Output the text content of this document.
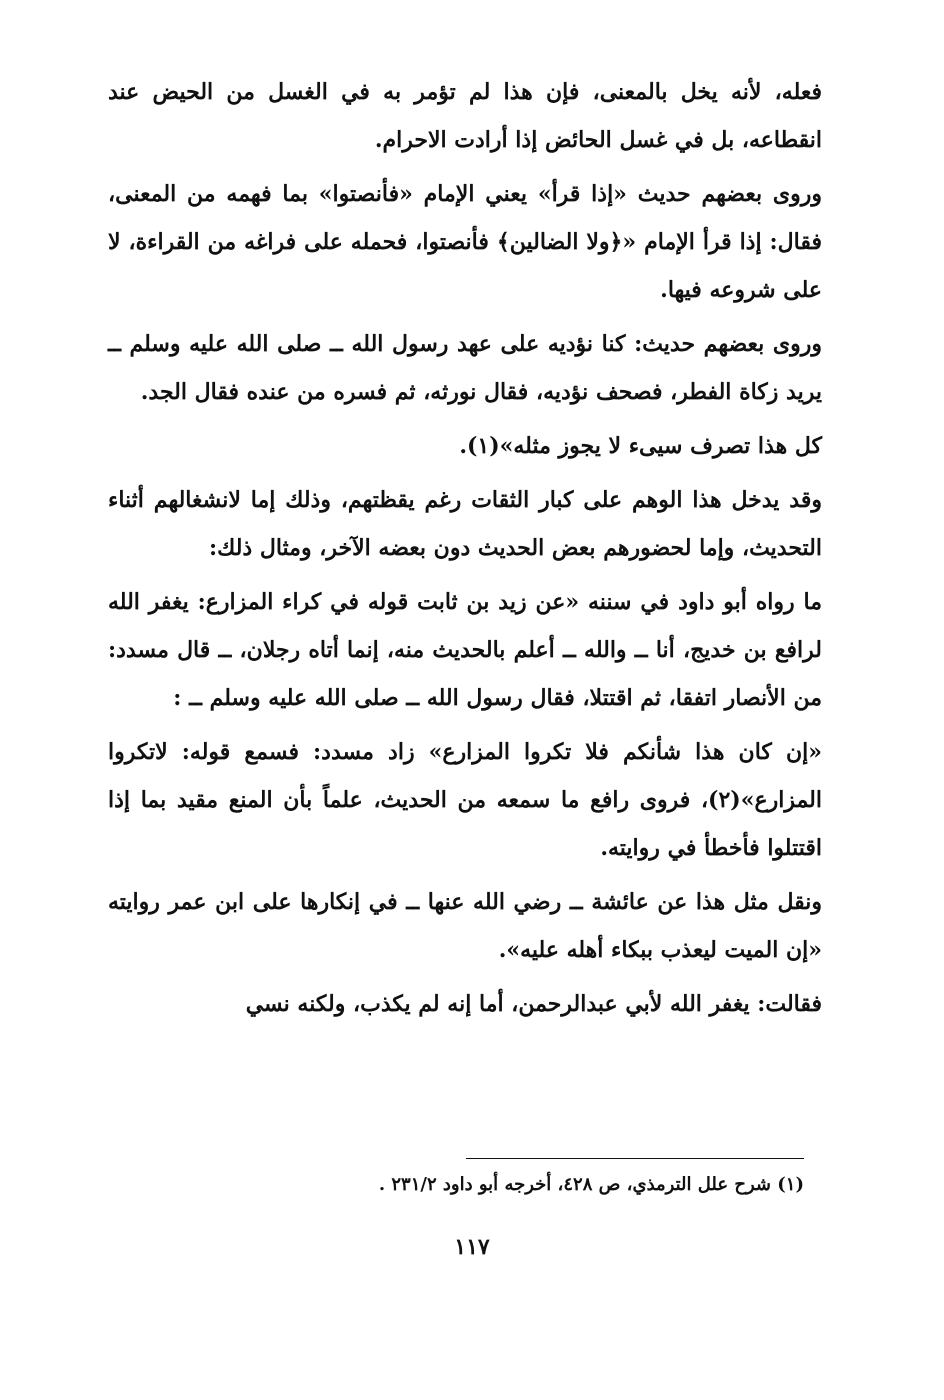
فعله، لأنه يخل بالمعنى، فإن هذا لم تؤمر به في الغسل من الحيض عند انقطاعه، بل في غسل الحائض إذا أرادت الاحرام.

وروى بعضهم حديث «إذا قرأ» يعني الإمام «فأنصتوا» بما فهمه من المعنى، فقال: إذا قرأ الإمام «﴿ولا الضالين﴾ فأنصتوا، فحمله على فراغه من القراءة، لا على شروعه فيها.

وروى بعضهم حديث: كنا نؤديه على عهد رسول الله ــ صلى الله عليه وسلم ــ يريد زكاة الفطر، فصحف نؤديه، فقال نورثه، ثم فسره من عنده فقال الجد.

كل هذا تصرف سيىء لا يجوز مثله»(١).

وقد يدخل هذا الوهم على كبار الثقات رغم يقظتهم، وذلك إما لانشغالهم أثناء التحديث، وإما لحضورهم بعض الحديث دون بعضه الآخر، ومثال ذلك:

ما رواه أبو داود في سننه «عن زيد بن ثابت قوله في كراء المزارع: يغفر الله لرافع بن خديج، أنا ــ والله ــ أعلم بالحديث منه، إنما أتاه رجلان، ــ قال مسدد: من الأنصار اتفقا، ثم اقتتلا، فقال رسول الله ــ صلى الله عليه وسلم ــ :

«إن كان هذا شأنكم فلا تكروا المزارع» زاد مسدد: فسمع قوله: لاتكروا المزارع»(٢)، فروى رافع ما سمعه من الحديث، علماً بأن المنع مقيد بما إذا اقتتلوا فأخطأ في روايته.

ونقل مثل هذا عن عائشة ــ رضي الله عنها ــ في إنكارها على ابن عمر روايته «إن الميت ليعذب ببكاء أهله عليه».

فقالت: يغفر الله لأبي عبدالرحمن، أما إنه لم يكذب، ولكنه نسي

(١) شرح علل الترمذي، ص ٤٢٨، أخرجه أبو داود ٢٣١/٢ .
١١٧
